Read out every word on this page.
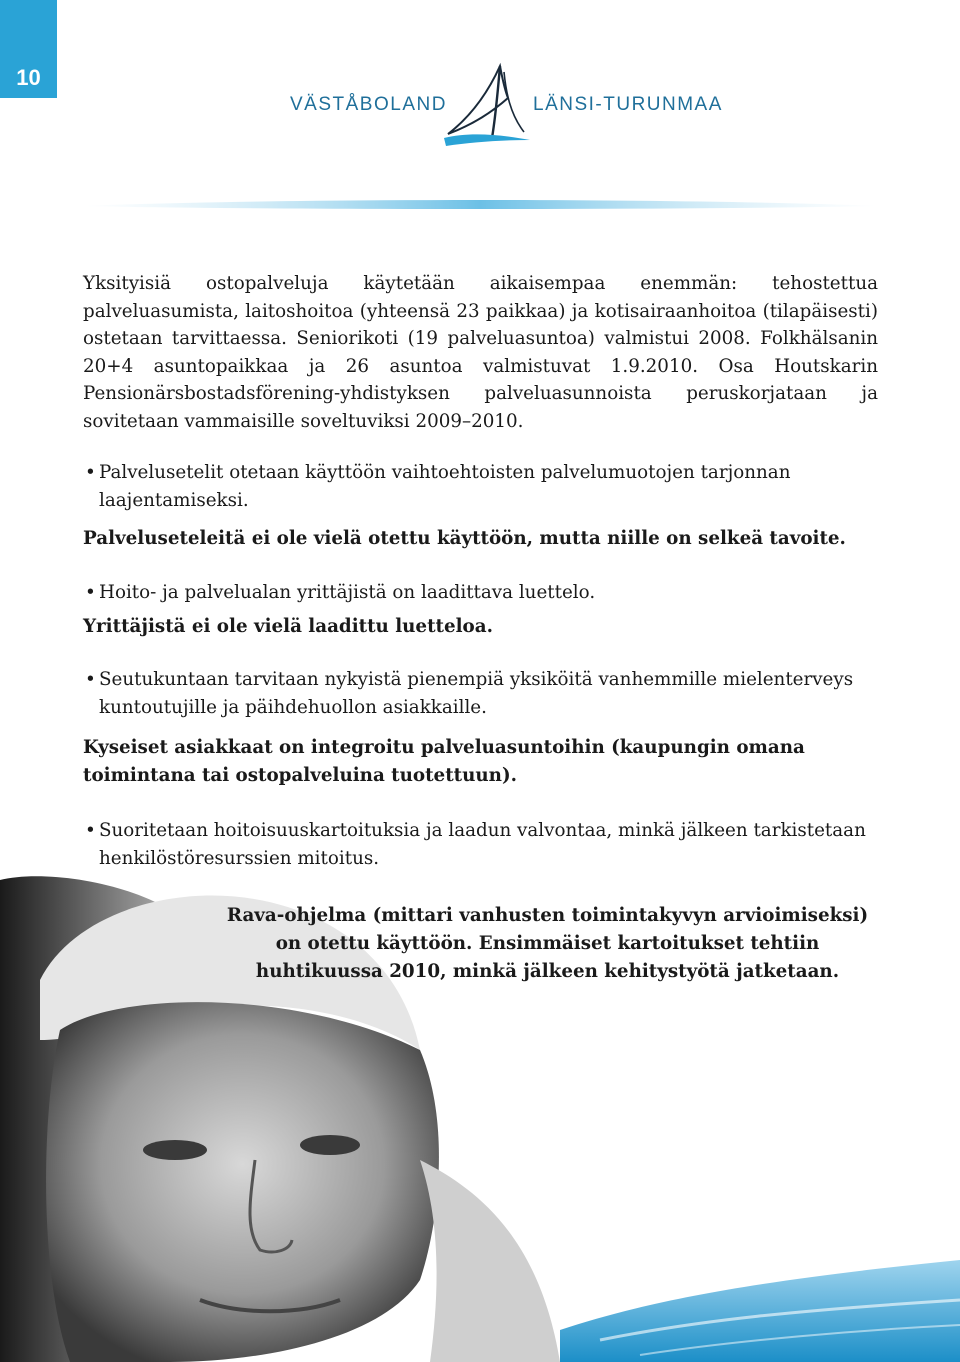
10
VÄSTÅBOLAND	LÄNSI-TURUNMAA
Yksityisiä ostopalveluja käytetään aikaisempaa enemmän: tehostettua palveluasumista, laitoshoitoa (yhteensä 23 paikkaa) ja kotisairaanhoitoa (tilapäisesti) ostetaan tarvittaessa. Seniorikoti (19 palveluasuntoa) valmistui 2008. Folkhälsanin 20+4 asuntopaikkaa ja 26 asuntoa valmistuvat 1.9.2010. Osa Houtskarin Pensionärsbostadsförening-yhdistyksen palveluasunnoista peruskorjataan ja sovitetaan vammaisille soveltuviksi 2009–2010.
• Palvelusetelit otetaan käyttöön vaihtoehtoisten palvelumuotojen tarjonnan laajentamiseksi.
Palveluseteleitä ei ole vielä otettu käyttöön, mutta niille on selkeä tavoite.
• Hoito- ja palvelualan yrittäjistä on laadittava luettelo.
Yrittäjistä ei ole vielä laadittu luetteloa.
• Seutukuntaan tarvitaan nykyistä pienempiä yksiköitä vanhemmille mielenterveys kuntoutujille ja päihdehuollon asiakkaille.
Kyseiset asiakkaat on integroitu palveluasuntoihin (kaupungin omana toimintana tai ostopalveluina tuotettuun).
• Suoritetaan hoitoisuuskartoituksia ja laadun valvontaa, minkä jälkeen tarkistetaan henkilöstöresurssien mitoitus.
Rava-ohjelma (mittari vanhusten toimintakyvyn arvioimiseksi) on otettu käyttöön. Ensimmäiset kartoitukset tehtiin huhtikuussa 2010, minkä jälkeen kehitystyötä jatketaan.
